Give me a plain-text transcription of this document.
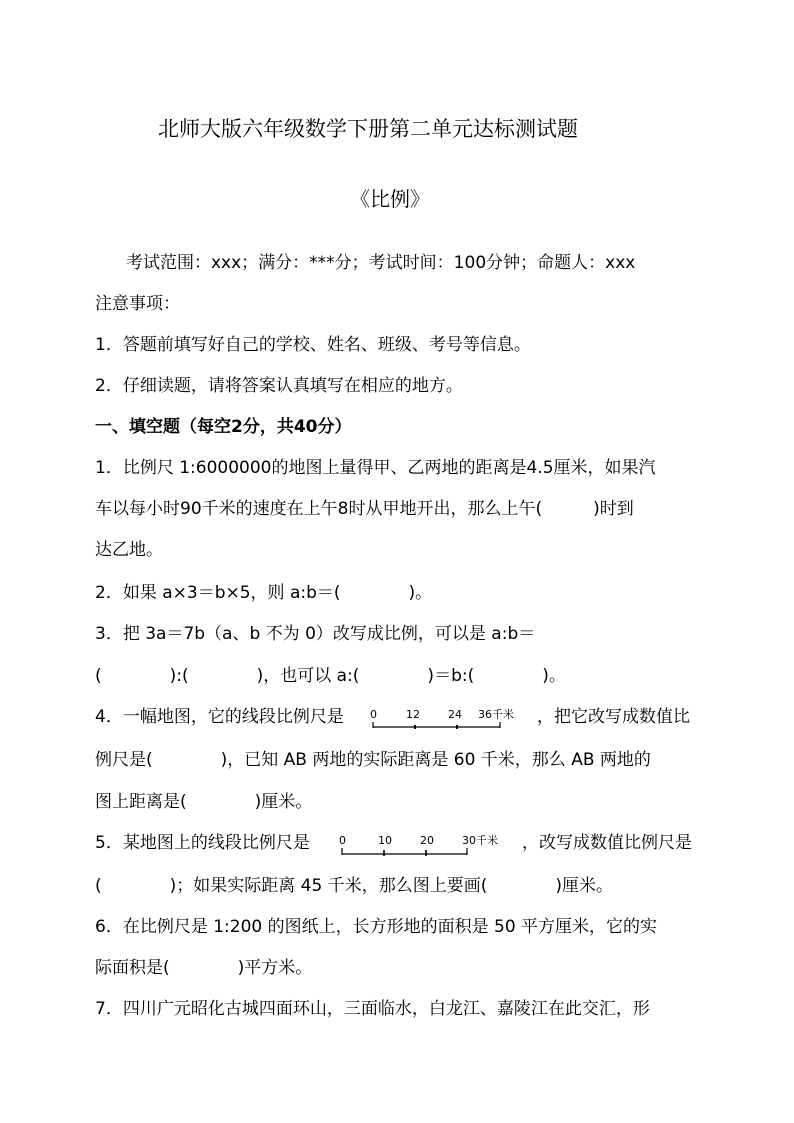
北师大版六年级数学下册第二单元达标测试题
《比例》
考试范围：xxx；满分：***分；考试时间：100分钟；命题人：xxx
注意事项：
1．答题前填写好自己的学校、姓名、班级、考号等信息。
2．仔细读题，请将答案认真填写在相应的地方。
一、填空题（每空2分，共40分）
1．比例尺 1:6000000的地图上量得甲、乙两地的距离是4.5厘米，如果汽
车以每小时90千米的速度在上午8时从甲地开出，那么上午(　　　)时到
达乙地。
2．如果 a×3＝b×5，则 a:b＝(　　　　)。
3．把 3a＝7b（a、b 不为 0）改写成比例，可以是 a:b＝
(　　　　):(　　　　)，也可以 a:(　　　　)＝b:(　　　　)。
4．一幅地图，它的线段比例尺是 0	12	24 36千米 ，把它改写成数值比
例尺是(　　　　)，已知 AB 两地的实际距离是 60 千米，那么 AB 两地的
图上距离是(　　　　)厘米。
5．某地图上的线段比例尺是	0	10	20	30千米 ，改写成数值比例尺是
(　　　　)；如果实际距离 45 千米，那么图上要画(　　　　)厘米。
6．在比例尺是 1:200 的图纸上，长方形地的面积是 50 平方厘米，它的实
际面积是(　　　　)平方米。
7．四川广元昭化古城四面环山，三面临水，白龙江、嘉陵江在此交汇，形
